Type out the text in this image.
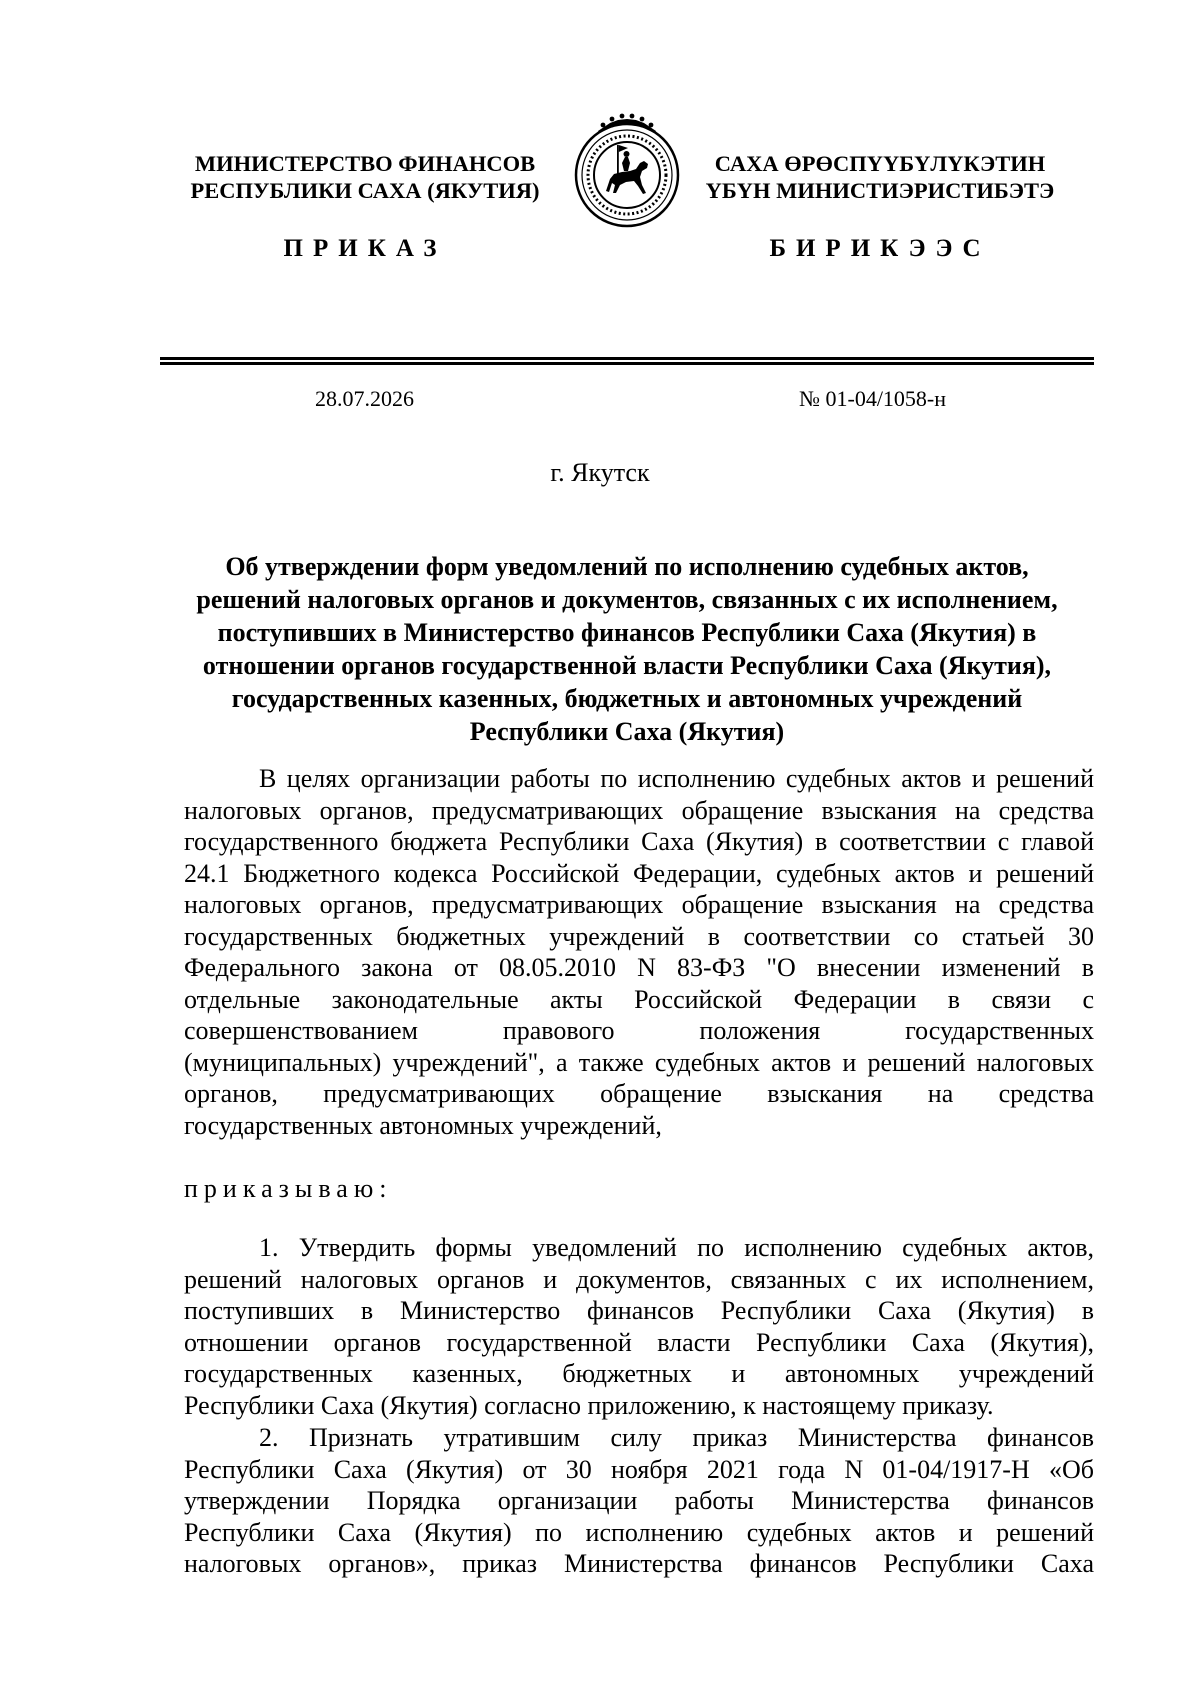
МИНИСТЕРСТВО ФИНАНСОВ
РЕСПУБЛИКИ САХА (ЯКУТИЯ)
САХА ӨРӨСПҮҮБҮЛҮКЭТИН
ҮБҮН МИНИСТИЭРИСТИБЭТЭ
ПРИКАЗ	БИРИКЭЭС
28.07.2026	№ 01-04/1058-н
г. Якутск
Об утверждении форм уведомлений по исполнению судебных актов,
решений налоговых органов и документов, связанных с их исполнением,
поступивших в Министерство финансов Республики Саха (Якутия) в
отношении органов государственной власти Республики Саха (Якутия),
государственных казенных, бюджетных и автономных учреждений
Республики Саха (Якутия)
В целях организации работы по исполнению судебных актов и решений
налоговых органов, предусматривающих обращение взыскания на средства
государственного бюджета Республики Саха (Якутия) в соответствии с главой
24.1 Бюджетного кодекса Российской Федерации, судебных актов и решений
налоговых органов, предусматривающих обращение взыскания на средства
государственных бюджетных учреждений в соответствии со статьей 30
Федерального закона от 08.05.2010 N 83-ФЗ "О внесении изменений в
отдельные законодательные акты Российской Федерации в связи с
совершенствованием правового положения государственных
(муниципальных) учреждений", а также судебных актов и решений налоговых
органов, предусматривающих обращение взыскания на средства
государственных автономных учреждений,
приказываю:
1. Утвердить формы уведомлений по исполнению судебных актов,
решений налоговых органов и документов, связанных с их исполнением,
поступивших в Министерство финансов Республики Саха (Якутия) в
отношении органов государственной власти Республики Саха (Якутия),
государственных казенных, бюджетных и автономных учреждений
Республики Саха (Якутия) согласно приложению, к настоящему приказу.
2. Признать утратившим силу приказ Министерства финансов
Республики Саха (Якутия) от 30 ноября 2021 года N 01-04/1917-Н «Об
утверждении Порядка организации работы Министерства финансов
Республики Саха (Якутия) по исполнению судебных актов и решений
налоговых органов», приказ Министерства финансов Республики Саха
